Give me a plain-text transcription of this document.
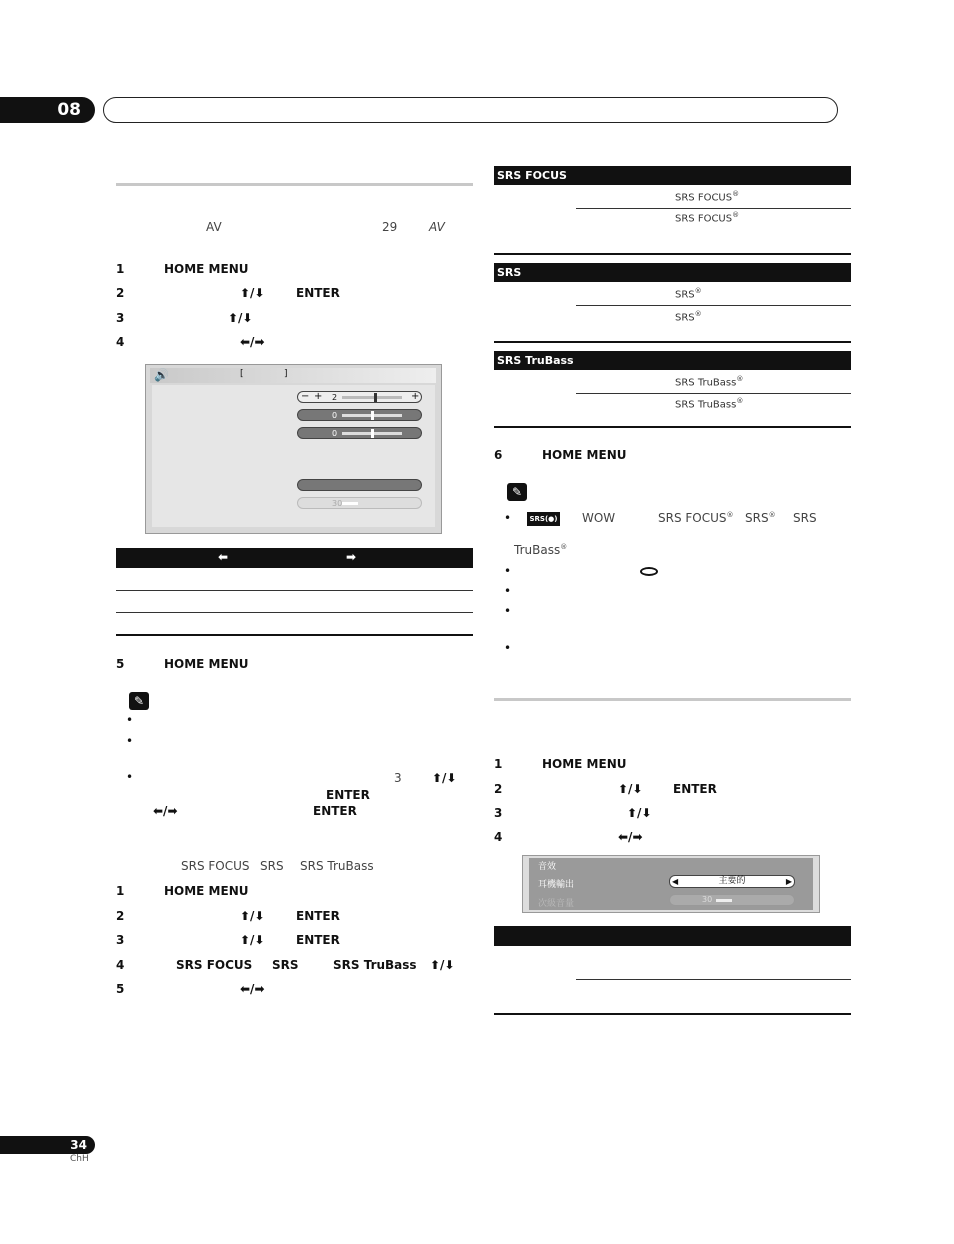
08
AV	29	AV
1	HOME MENU
2	⬆/⬇	ENTER
3	⬆/⬇
4	⬅/➡
🔊	[	]
− + 2	+
0
0
30
⬅	➡
5	HOME MENU
✎
•
•
•	3	⬆/⬇
ENTER
⬅/➡	ENTER
SRS FOCUS SRS SRS TruBass
1	HOME MENU
2	⬆/⬇	ENTER
3	⬆/⬇	ENTER
4	SRS FOCUS SRS	SRS TruBass ⬆/⬇
5	⬅/➡
SRS FOCUS
SRS FOCUS®
SRS FOCUS®
SRS
SRS®
SRS®
SRS TruBass
SRS TruBass®
SRS TruBass®
6	HOME MENU
✎
•	SRS(●) WOW	SRS FOCUS® SRS® SRS
TruBass®
•
•
•
•
1	HOME MENU
2	⬆/⬇	ENTER
3	⬆/⬇
4	⬅/➡
音效
耳機輸出	◀	主要的	▶
次級音量	30
34
ChH
